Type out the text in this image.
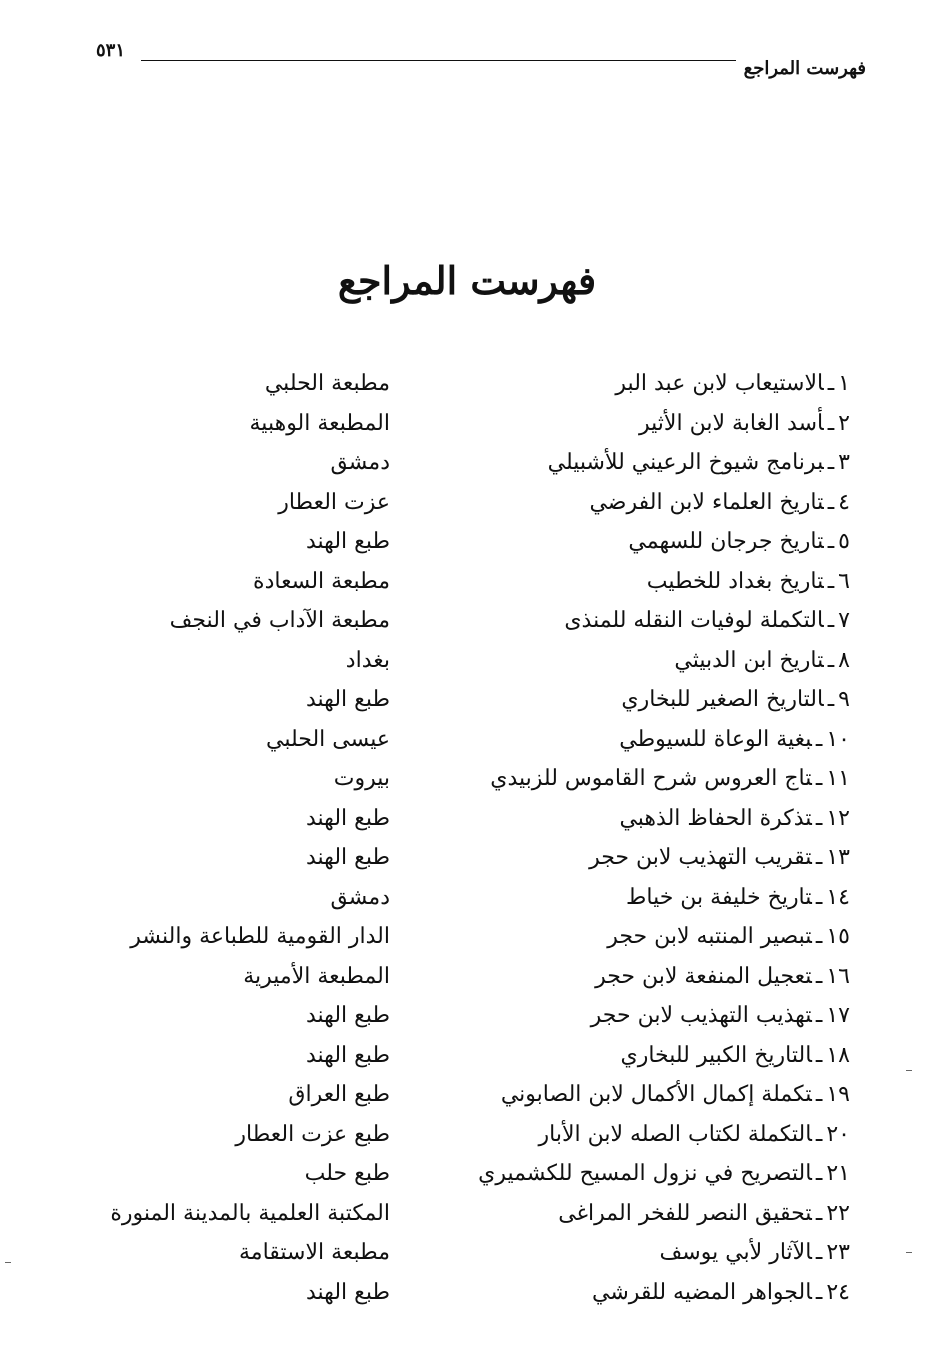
فهرست المراجع
٥٣١
فهرست المراجع
١ـالاستيعاب لابن عبد البر
مطبعة الحلبي
٢ـأسد الغابة لابن الأثير
المطبعة الوهبية
٣ـبرنامج شيوخ الرعيني للأشبيلي
دمشق
٤ـتاريخ العلماء لابن الفرضي
عزت العطار
٥ـتاريخ جرجان للسهمي
طبع الهند
٦ـتاريخ بغداد للخطيب
مطبعة السعادة
٧ـالتكملة لوفيات النقله للمنذى
مطبعة الآداب في النجف
٨ـتاريخ ابن الدبيثي
بغداد
٩ـالتاريخ الصغير للبخاري
طبع الهند
١٠ـبغية الوعاة للسيوطي
عيسى الحلبي
١١ـتاج العروس شرح القاموس للزبيدي
بيروت
١٢ـتذكرة الحفاظ الذهبي
طبع الهند
١٣ـتقريب التهذيب لابن حجر
طبع الهند
١٤ـتاريخ خليفة بن خياط
دمشق
١٥ـتبصير المنتبه لابن حجر
الدار القومية للطباعة والنشر
١٦ـتعجيل المنفعة لابن حجر
المطبعة الأميرية
١٧ـتهذيب التهذيب لابن حجر
طبع الهند
١٨ـالتاريخ الكبير للبخاري
طبع الهند
١٩ـتكملة إكمال الأكمال لابن الصابوني
طبع العراق
٢٠ـالتكملة لكتاب الصله لابن الأبار
طبع عزت العطار
٢١ـالتصريح في نزول المسيح للكشميري
طبع حلب
٢٢ـتحقيق النصر للفخر المراغى
المكتبة العلمية بالمدينة المنورة
٢٣ـالآثار لأبي يوسف
مطبعة الاستقامة
٢٤ـالجواهر المضيه للقرشي
طبع الهند
